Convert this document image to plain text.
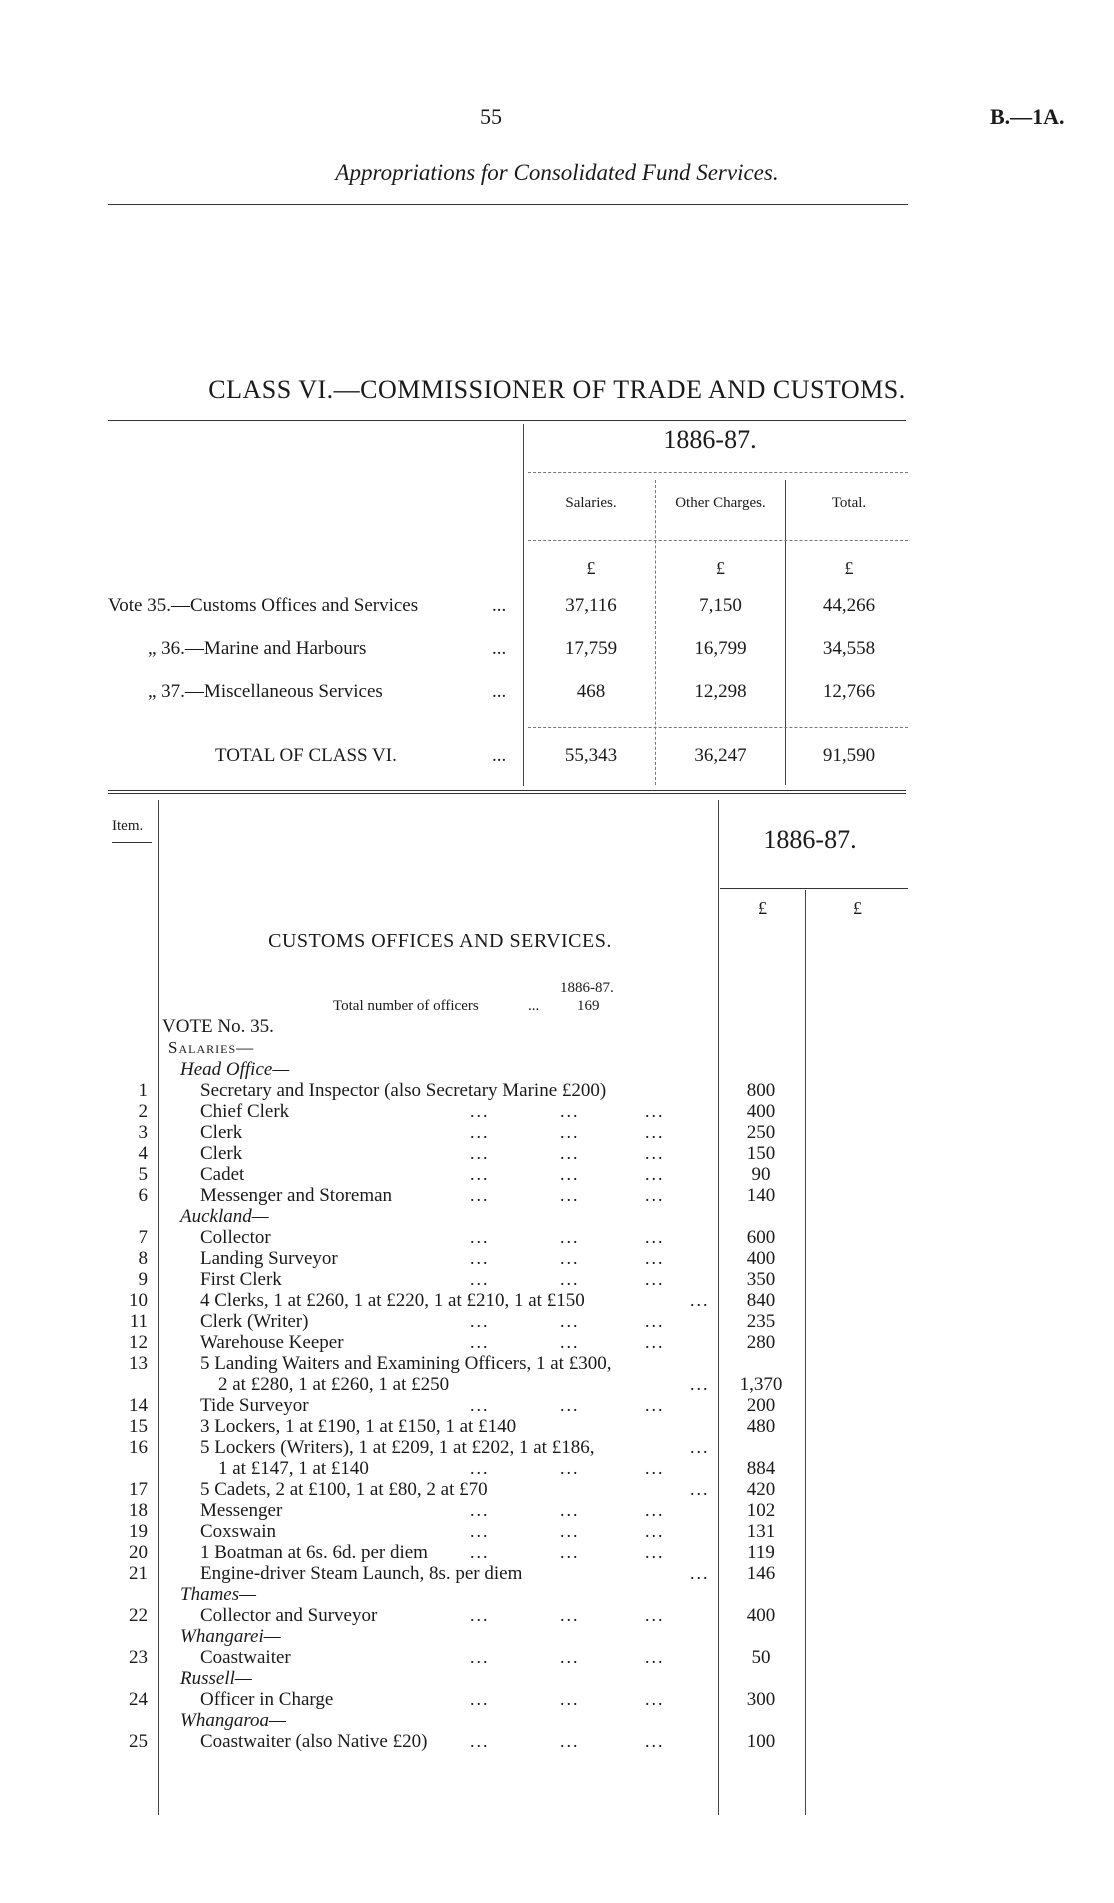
55	B.—1A.
Appropriations for Consolidated Fund Services.
CLASS VI.—COMMISSIONER OF TRADE AND CUSTOMS.
1886-87.
Salaries.	Other Charges.	Total.
£	£	£
Vote 35.—Customs Offices and Services	...	37,116	7,150	44,266
„ 36.—Marine and Harbours	...	17,759	16,799	34,558
„ 37.—Miscellaneous Services	...	468	12,298	12,766
TOTAL OF CLASS VI.	...	55,343	36,247	91,590
Item.	1886-87.
£	£
CUSTOMS OFFICES AND SERVICES.
1886-87.
Total number of officers	...	169
VOTE No. 35.
Salaries—
Head Office—
Auckland—
Thames—
Whangarei—
Russell—
Whangaroa—
1	Secretary and Inspector (also Secretary Marine £200)	800
2	Chief Clerk	...	...	...	400
3	Clerk	...	...	...	250
4	Clerk	...	...	...	150
5	Cadet	...	...	...	90
6	Messenger and Storeman	...	...	...	140
7	Collector	...	...	...	600
8	Landing Surveyor	...	...	...	400
9	First Clerk	...	...	...	350
10	4 Clerks, 1 at £260, 1 at £220, 1 at £210, 1 at £150	...	840
11	Clerk (Writer)	...	...	...	235
12	Warehouse Keeper	...	...	...	280
13	5 Landing Waiters and Examining Officers, 1 at £300,
2 at £280, 1 at £260, 1 at £250	...	1,370
14	Tide Surveyor	...	...	...	200
15	3 Lockers, 1 at £190, 1 at £150, 1 at £140	480
16	5 Lockers (Writers), 1 at £209, 1 at £202, 1 at £186,	...
1 at £147, 1 at £140	...	...	...	884
17	5 Cadets, 2 at £100, 1 at £80, 2 at £70	...	420
18	Messenger	...	...	...	102
19	Coxswain	...	...	...	131
20	1 Boatman at 6s. 6d. per diem ...	...	...	119
21	Engine-driver Steam Launch, 8s. per diem	...	146
22	Collector and Surveyor	...	...	...	400
23	Coastwaiter	...	...	...	50
24	Officer in Charge	...	...	...	300
25	Coastwaiter (also Native £20) ...	...	...	100
